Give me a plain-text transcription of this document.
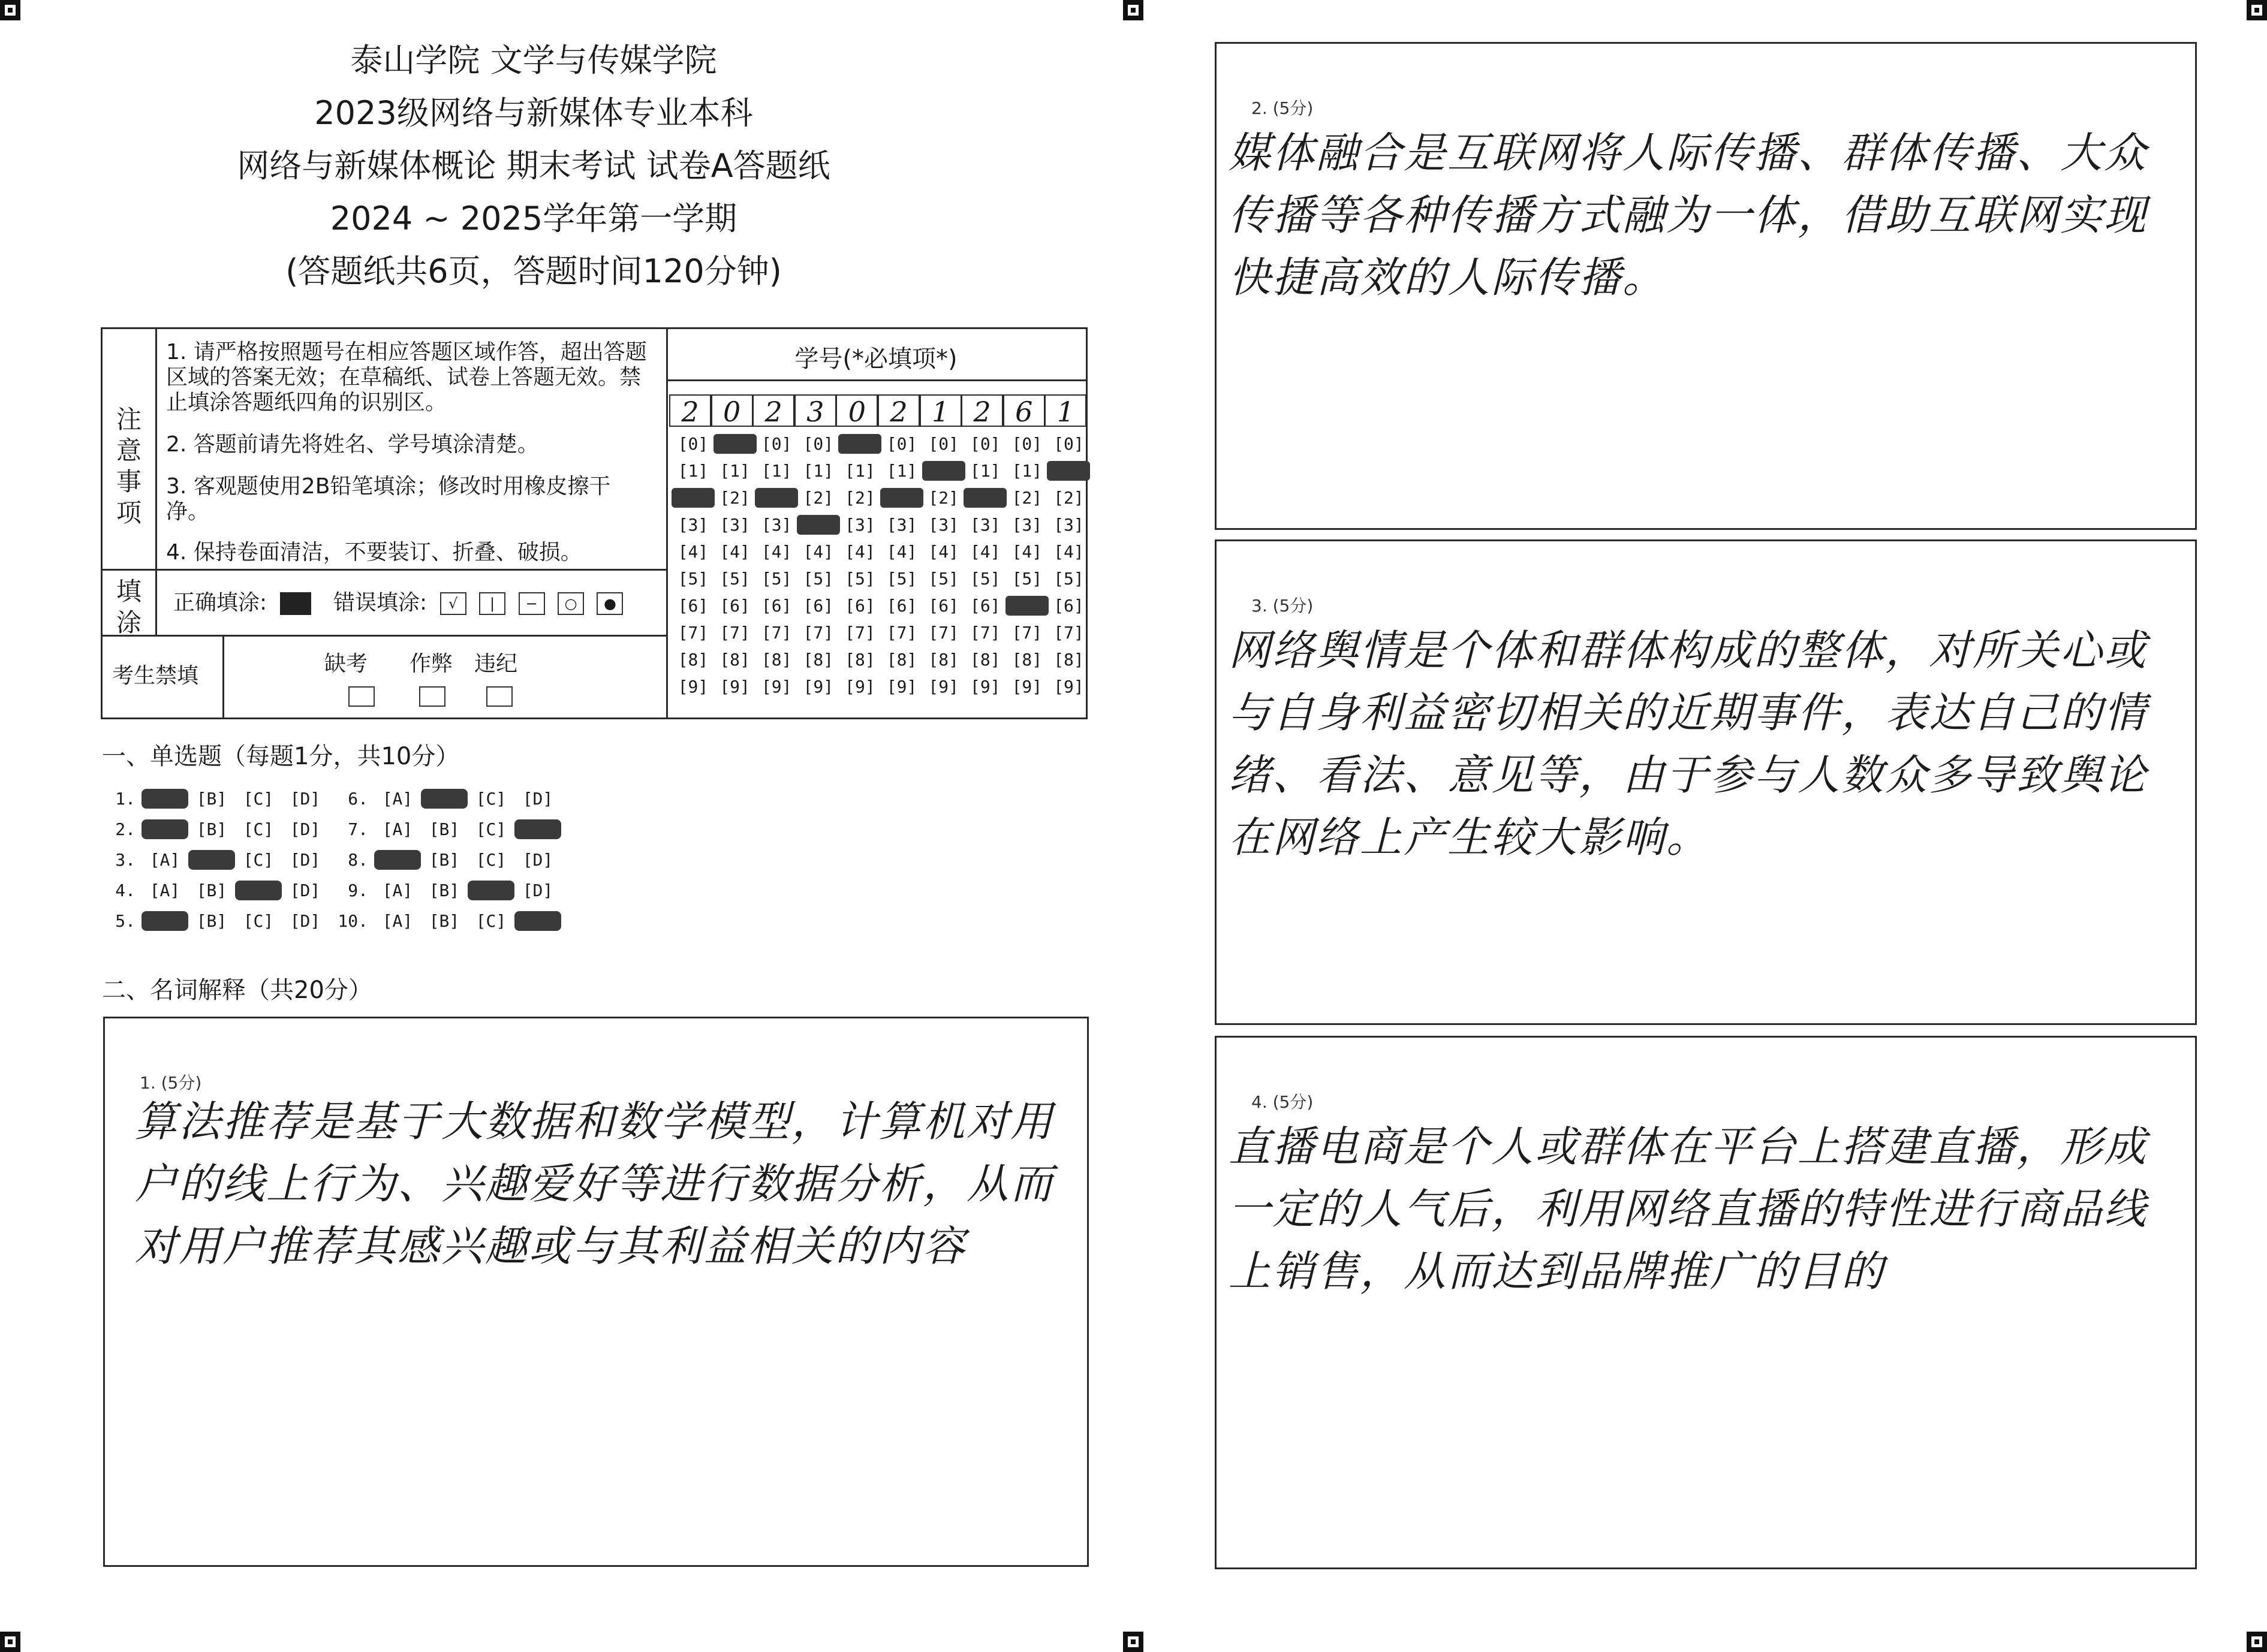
泰山学院 文学与传媒学院
2023级网络与新媒体专业本科
网络与新媒体概论 期末考试 试卷A答题纸
2024 ~ 2025学年第一学期
(答题纸共6页，答题时间120分钟)
注意事项
1. 请严格按照题号在相应答题区域作答，超出答题区域的答案无效；在草稿纸、试卷上答题无效。禁止填涂答题纸四角的识别区。
2. 答题前请先将姓名、学号填涂清楚。
3. 客观题使用2B铅笔填涂；修改时用橡皮擦干净。
4. 保持卷面清洁，不要装订、折叠、破损。
填涂
正确填涂:	错误填涂: √ | − ○ ●
考生禁填	缺考 作弊 违纪
学号(*必填项*)
2 0 2 3 0 2 1 2 6 1
[0] [0] [0] [0] [0] [0] [0] [0] [0] [0]
[1] [1] [1] [1] [1] [1] [1] [1] [1] [1]
[2] [2] [2] [2] [2] [2] [2] [2] [2] [2]
[3] [3] [3] [3] [3] [3] [3] [3] [3] [3]
[4] [4] [4] [4] [4] [4] [4] [4] [4] [4]
[5] [5] [5] [5] [5] [5] [5] [5] [5] [5]
[6] [6] [6] [6] [6] [6] [6] [6] [6] [6]
[7] [7] [7] [7] [7] [7] [7] [7] [7] [7]
[8] [8] [8] [8] [8] [8] [8] [8] [8] [8]
[9] [9] [9] [9] [9] [9] [9] [9] [9] [9]
一、单选题（每题1分，共10分）
1. [A] [B] [C] [D]
2. [A] [B] [C] [D]
3. [A] [B] [C] [D]
4. [A] [B] [C] [D]
5. [A] [B] [C] [D]
6. [A] [B] [C] [D]
7. [A] [B] [C] [D]
8. [A] [B] [C] [D]
9. [A] [B] [C] [D]
10. [A] [B] [C] [D]
二、名词解释（共20分）
1. (5分)
算法推荐是基于大数据和数学模型，计算机对用户的线上行为、兴趣爱好等进行数据分析，从而对用户推荐其感兴趣或与其利益相关的内容
2. (5分)
媒体融合是互联网将人际传播、群体传播、大众传播等各种传播方式融为一体，借助互联网实现快捷高效的人际传播。
3. (5分)
网络舆情是个体和群体构成的整体，对所关心或与自身利益密切相关的近期事件，表达自己的情绪、看法、意见等，由于参与人数众多导致舆论在网络上产生较大影响。
4. (5分)
直播电商是个人或群体在平台上搭建直播，形成一定的人气后，利用网络直播的特性进行商品线上销售，从而达到品牌推广的目的
